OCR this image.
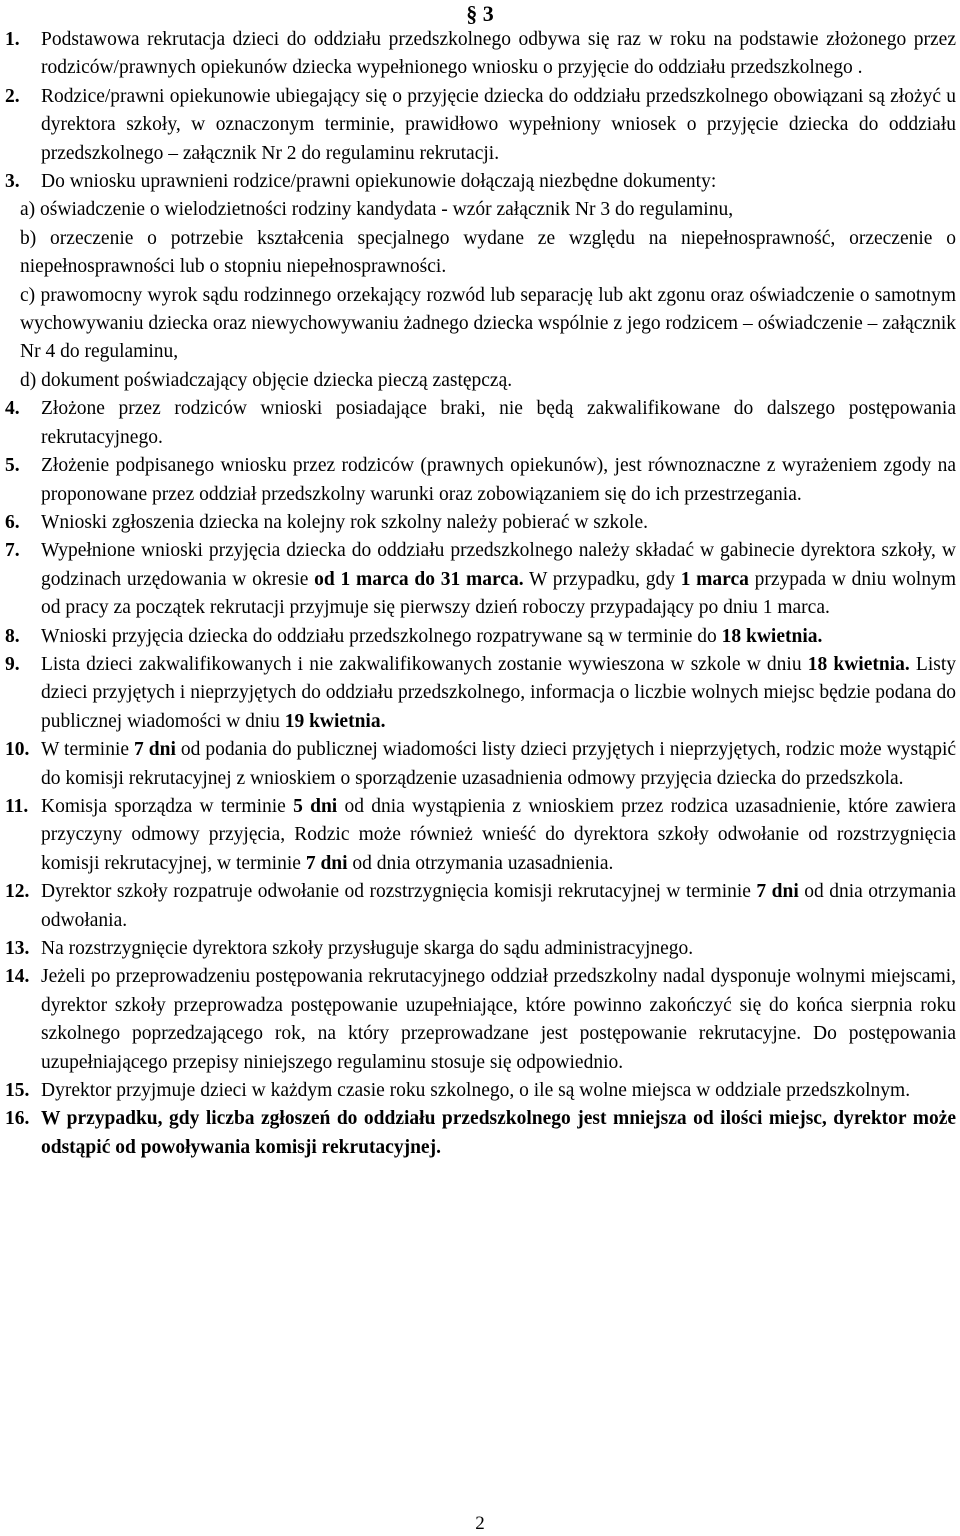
§ 3
1. Podstawowa rekrutacja dzieci do oddziału przedszkolnego odbywa się raz w roku na podstawie złożonego przez rodziców/prawnych opiekunów dziecka wypełnionego wniosku o przyjęcie do oddziału przedszkolnego .
2. Rodzice/prawni opiekunowie ubiegający się o przyjęcie dziecka do oddziału przedszkolnego obowiązani są złożyć u dyrektora szkoły, w oznaczonym terminie, prawidłowo wypełniony wniosek o przyjęcie dziecka do oddziału przedszkolnego – załącznik Nr 2 do regulaminu rekrutacji.
3. Do wniosku uprawnieni rodzice/prawni opiekunowie dołączają niezbędne dokumenty:
a) oświadczenie o wielodzietności rodziny kandydata - wzór załącznik Nr 3 do regulaminu,
b) orzeczenie o potrzebie kształcenia specjalnego wydane ze względu na niepełnosprawność, orzeczenie o niepełnosprawności lub o stopniu niepełnosprawności.
c) prawomocny wyrok sądu rodzinnego orzekający rozwód lub separację lub akt zgonu oraz oświadczenie o samotnym wychowywaniu dziecka oraz niewychowywaniu żadnego dziecka wspólnie z jego rodzicem – oświadczenie – załącznik Nr 4 do regulaminu,
d) dokument poświadczający objęcie dziecka pieczą zastępczą.
4. Złożone przez rodziców wnioski posiadające braki, nie będą zakwalifikowane do dalszego postępowania rekrutacyjnego.
5. Złożenie podpisanego wniosku przez rodziców (prawnych opiekunów), jest równoznaczne z wyrażeniem zgody na proponowane przez oddział przedszkolny warunki oraz zobowiązaniem się do ich przestrzegania.
6. Wnioski zgłoszenia dziecka na kolejny rok szkolny należy pobierać w szkole.
7. Wypełnione wnioski przyjęcia dziecka do oddziału przedszkolnego należy składać w gabinecie dyrektora szkoły, w godzinach urzędowania w okresie od 1 marca do 31 marca. W przypadku, gdy 1 marca przypada w dniu wolnym od pracy za początek rekrutacji przyjmuje się pierwszy dzień roboczy przypadający po dniu 1 marca.
8. Wnioski przyjęcia dziecka do oddziału przedszkolnego rozpatrywane są w terminie do 18 kwietnia.
9. Lista dzieci zakwalifikowanych i nie zakwalifikowanych zostanie wywieszona w szkole w dniu 18 kwietnia. Listy dzieci przyjętych i nieprzyjętych do oddziału przedszkolnego, informacja o liczbie wolnych miejsc będzie podana do publicznej wiadomości w dniu 19 kwietnia.
10. W terminie 7 dni od podania do publicznej wiadomości listy dzieci przyjętych i nieprzyjętych, rodzic może wystąpić do komisji rekrutacyjnej z wnioskiem o sporządzenie uzasadnienia odmowy przyjęcia dziecka do przedszkola.
11. Komisja sporządza w terminie 5 dni od dnia wystąpienia z wnioskiem przez rodzica uzasadnienie, które zawiera przyczyny odmowy przyjęcia, Rodzic może również wnieść do dyrektora szkoły odwołanie od rozstrzygnięcia komisji rekrutacyjnej, w terminie 7 dni od dnia otrzymania uzasadnienia.
12. Dyrektor szkoły rozpatruje odwołanie od rozstrzygnięcia komisji rekrutacyjnej w terminie 7 dni od dnia otrzymania odwołania.
13. Na rozstrzygnięcie dyrektora szkoły przysługuje skarga do sądu administracyjnego.
14. Jeżeli po przeprowadzeniu postępowania rekrutacyjnego oddział przedszkolny nadal dysponuje wolnymi miejscami, dyrektor szkoły przeprowadza postępowanie uzupełniające, które powinno zakończyć się do końca sierpnia roku szkolnego poprzedzającego rok, na który przeprowadzane jest postępowanie rekrutacyjne. Do postępowania uzupełniającego przepisy niniejszego regulaminu stosuje się odpowiednio.
15. Dyrektor przyjmuje dzieci w każdym czasie roku szkolnego, o ile są wolne miejsca w oddziale przedszkolnym.
16. W przypadku, gdy liczba zgłoszeń do oddziału przedszkolnego jest mniejsza od ilości miejsc, dyrektor może odstąpić od powoływania komisji rekrutacyjnej.
2
